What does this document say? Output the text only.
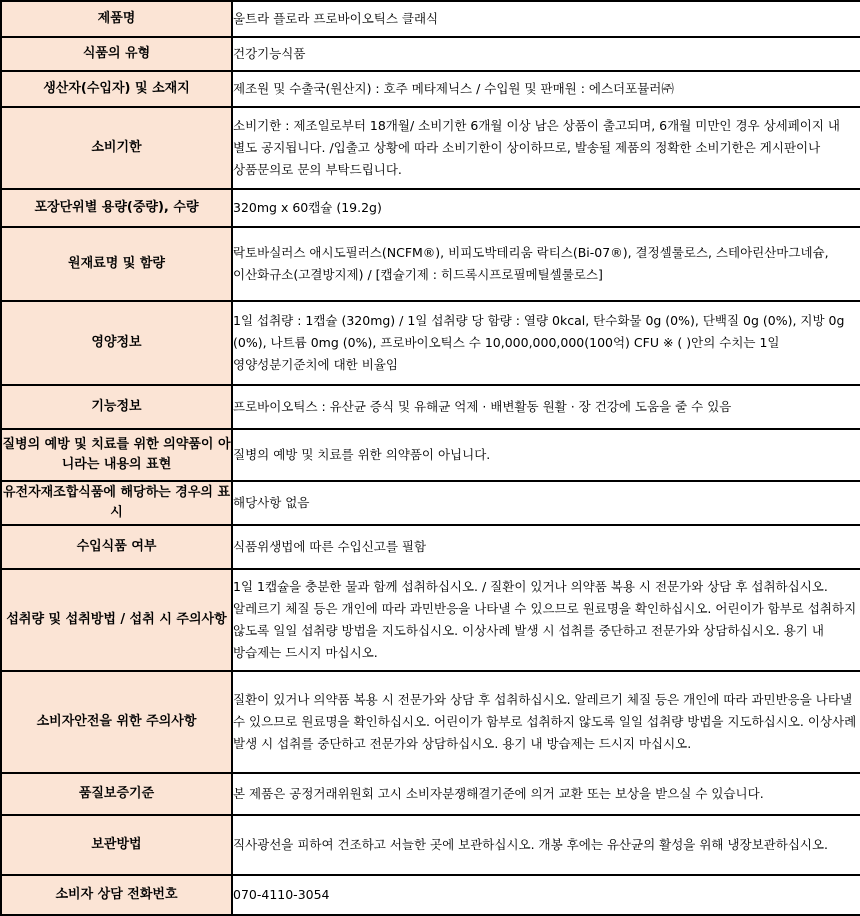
제품명	울트라 플로라 프로바이오틱스 클래식
식품의 유형	건강기능식품
생산자(수입자) 및 소재지	제조원 및 수출국(원산지) : 호주 메타제닉스 / 수입원 및 판매원 : 에스더포뮬러㈜
소비기한	소비기한 : 제조일로부터 18개월/ 소비기한 6개월 이상 남은 상품이 출고되며, 6개월 미만인 경우 상세페이지 내 별도 공지됩니다. /입출고 상황에 따라 소비기한이 상이하므로, 발송될 제품의 정확한 소비기한은 게시판이나 상품문의로 문의 부탁드립니다.
포장단위별 용량(중량), 수량	320mg x 60캡슐 (19.2g)
원재료명 및 함량	락토바실러스 애시도필러스(NCFM®), 비피도박테리움 락티스(Bi-07®), 결정셀룰로스, 스테아린산마그네슘, 이산화규소(고결방지제) / [캡슐기제 : 히드록시프로필메틸셀룰로스]
영양정보	1일 섭취량 : 1캡슐 (320mg) / 1일 섭취량 당 함량 : 열량 0kcal, 탄수화물 0g (0%), 단백질 0g (0%), 지방 0g (0%), 나트륨 0mg (0%), 프로바이오틱스 수 10,000,000,000(100억) CFU ※ ( )안의 수치는 1일 영양성분기준치에 대한 비율임
기능정보	프로바이오틱스 : 유산균 증식 및 유해균 억제 · 배변활동 원활 · 장 건강에 도움을 줄 수 있음
질병의 예방 및 치료를 위한 의약품이 아니라는 내용의 표현	질병의 예방 및 치료를 위한 의약품이 아닙니다.
유전자재조합식품에 해당하는 경우의 표시	해당사항 없음
수입식품 여부	식품위생법에 따른 수입신고를 필함
섭취량 및 섭취방법 / 섭취 시 주의사항	1일 1캡슐을 충분한 물과 함께 섭취하십시오. / 질환이 있거나 의약품 복용 시 전문가와 상담 후 섭취하십시오. 알레르기 체질 등은 개인에 따라 과민반응을 나타낼 수 있으므로 원료명을 확인하십시오. 어린이가 함부로 섭취하지 않도록 일일 섭취량 방법을 지도하십시오. 이상사례 발생 시 섭취를 중단하고 전문가와 상담하십시오. 용기 내 방습제는 드시지 마십시오.
소비자안전을 위한 주의사항	질환이 있거나 의약품 복용 시 전문가와 상담 후 섭취하십시오. 알레르기 체질 등은 개인에 따라 과민반응을 나타낼 수 있으므로 원료명을 확인하십시오. 어린이가 함부로 섭취하지 않도록 일일 섭취량 방법을 지도하십시오. 이상사례 발생 시 섭취를 중단하고 전문가와 상담하십시오. 용기 내 방습제는 드시지 마십시오.
품질보증기준	본 제품은 공정거래위원회 고시 소비자분쟁해결기준에 의거 교환 또는 보상을 받으실 수 있습니다.
보관방법	직사광선을 피하여 건조하고 서늘한 곳에 보관하십시오. 개봉 후에는 유산균의 활성을 위해 냉장보관하십시오.
소비자 상담 전화번호	070-4110-3054
